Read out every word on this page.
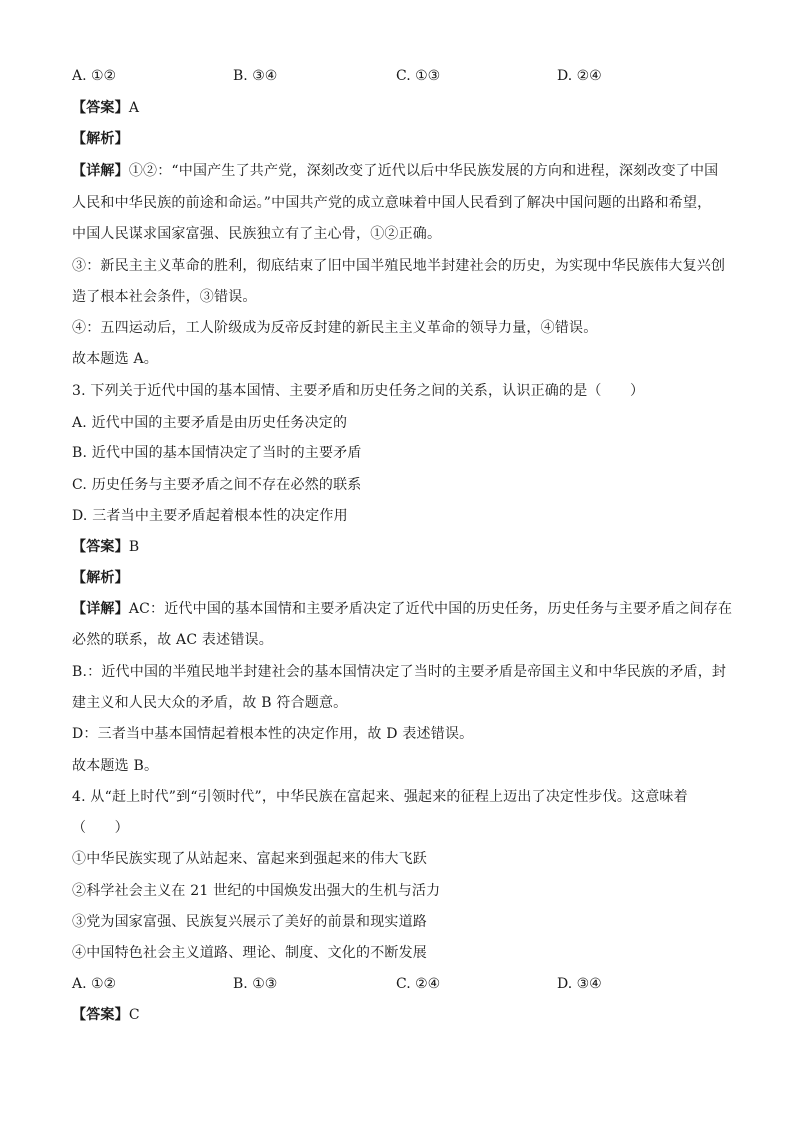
A. ①②	B. ③④	C. ①③	D. ②④
【答案】A
【解析】
【详解】①②：“中国产生了共产党，深刻改变了近代以后中华民族发展的方向和进程，深刻改变了中国
人民和中华民族的前途和命运。”中国共产党的成立意味着中国人民看到了解决中国问题的出路和希望，
中国人民谋求国家富强、民族独立有了主心骨，①②正确。
③：新民主主义革命的胜利，彻底结束了旧中国半殖民地半封建社会的历史，为实现中华民族伟大复兴创
造了根本社会条件，③错误。
④：五四运动后，工人阶级成为反帝反封建的新民主主义革命的领导力量，④错误。
故本题选 A。
3. 下列关于近代中国的基本国情、主要矛盾和历史任务之间的关系，认识正确的是（　　）
A. 近代中国的主要矛盾是由历史任务决定的
B. 近代中国的基本国情决定了当时的主要矛盾
C. 历史任务与主要矛盾之间不存在必然的联系
D. 三者当中主要矛盾起着根本性的决定作用
【答案】B
【解析】
【详解】AC：近代中国的基本国情和主要矛盾决定了近代中国的历史任务，历史任务与主要矛盾之间存在
必然的联系，故 AC 表述错误。
B.：近代中国的半殖民地半封建社会的基本国情决定了当时的主要矛盾是帝国主义和中华民族的矛盾，封
建主义和人民大众的矛盾，故 B 符合题意。
D：三者当中基本国情起着根本性的决定作用，故 D 表述错误。
故本题选 B。
4. 从“赶上时代”到“引领时代”，中华民族在富起来、强起来的征程上迈出了决定性步伐。这意味着
（　　）
①中华民族实现了从站起来、富起来到强起来的伟大飞跃
②科学社会主义在 21 世纪的中国焕发出强大的生机与活力
③党为国家富强、民族复兴展示了美好的前景和现实道路
④中国特色社会主义道路、理论、制度、文化的不断发展
A. ①②	B. ①③	C. ②④	D. ③④
【答案】C
